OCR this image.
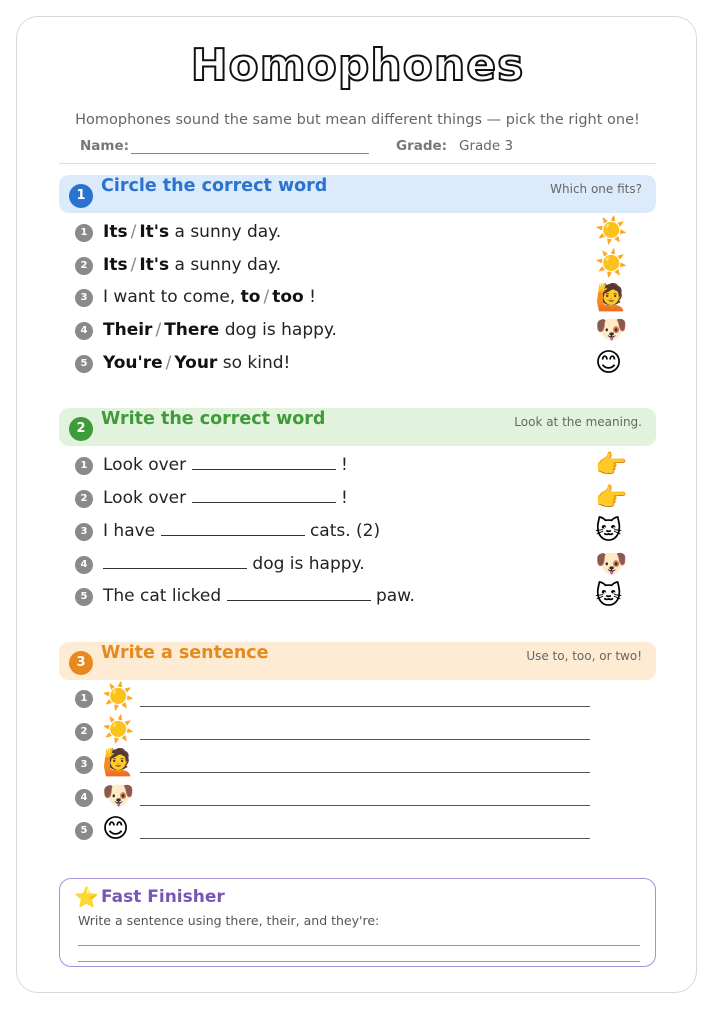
Homophones
Homophones sound the same but mean different things — pick the right one!
Name:	Grade: Grade 3
1 Circle the correct word	Which one fits?
1 Its / It's a sunny day.	☀️
2 Its / It's a sunny day.	☀️
3 I want to come, to / too !	🙋
4 Their / There dog is happy.	🐶
5 You're / Your so kind!	😊
2 Write the correct word	Look at the meaning.
1 Look over	!	👉
2 Look over	!	👉
3 I have	cats. (2)	🐱
4	dog is happy.	🐶
5 The cat licked	paw.	🐱
3 Write a sentence	Use to, too, or two!
1 ☀️
2 ☀️
3 🙋
4 🐶
5 😊
⭐ Fast Finisher
Write a sentence using there, their, and they're:
